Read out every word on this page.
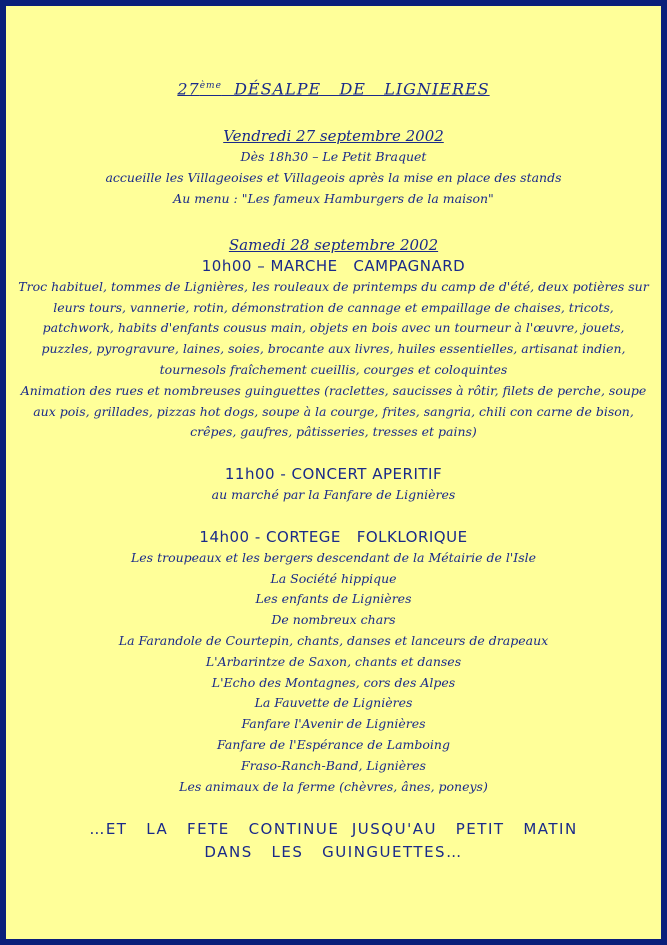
27ème DÉSALPE   DE   LIGNIERES
Vendredi 27 septembre 2002
Dès 18h30 – Le Petit Braquet
accueille les Villageoises et Villageois après la mise en place des stands
Au menu : "Les fameux Hamburgers de la maison"
Samedi 28 septembre 2002
10h00 – MARCHE   CAMPAGNARD
Troc habituel, tommes de Lignières, les rouleaux de printemps du camp de d'été, deux potières sur leurs tours, vannerie, rotin, démonstration de cannage et empaillage de chaises, tricots, patchwork, habits d'enfants cousus main, objets en bois avec un tourneur à l'œuvre, jouets, puzzles, pyrogravure, laines, soies, brocante aux livres, huiles essentielles, artisanat indien, tournesols fraîchement cueillis, courges et coloquintes
Animation des rues et nombreuses guinguettes (raclettes, saucisses à rôtir, filets de perche, soupe aux pois, grillades, pizzas hot dogs, soupe à la courge, frites, sangria, chili con carne de bison, crêpes, gaufres, pâtisseries, tresses et pains)
11h00 - CONCERT APERITIF
au marché par la Fanfare de Lignières
14h00 - CORTEGE   FOLKLORIQUE
Les troupeaux et les bergers descendant de la Métairie de l'Isle
La Société hippique
Les enfants de Lignières
De nombreux chars
La Farandole de Courtepin, chants, danses et lanceurs de drapeaux
L'Arbarintze de Saxon, chants et danses
L'Echo des Montagnes, cors des Alpes
La Fauvette de Lignières
Fanfare l'Avenir de Lignières
Fanfare de l'Espérance de Lamboing
Fraso-Ranch-Band, Lignières
Les animaux de la ferme (chèvres, ânes, poneys)
…ET   LA   FETE   CONTINUE  JUSQU'AU   PETIT   MATIN
DANS   LES   GUINGUETTES…
